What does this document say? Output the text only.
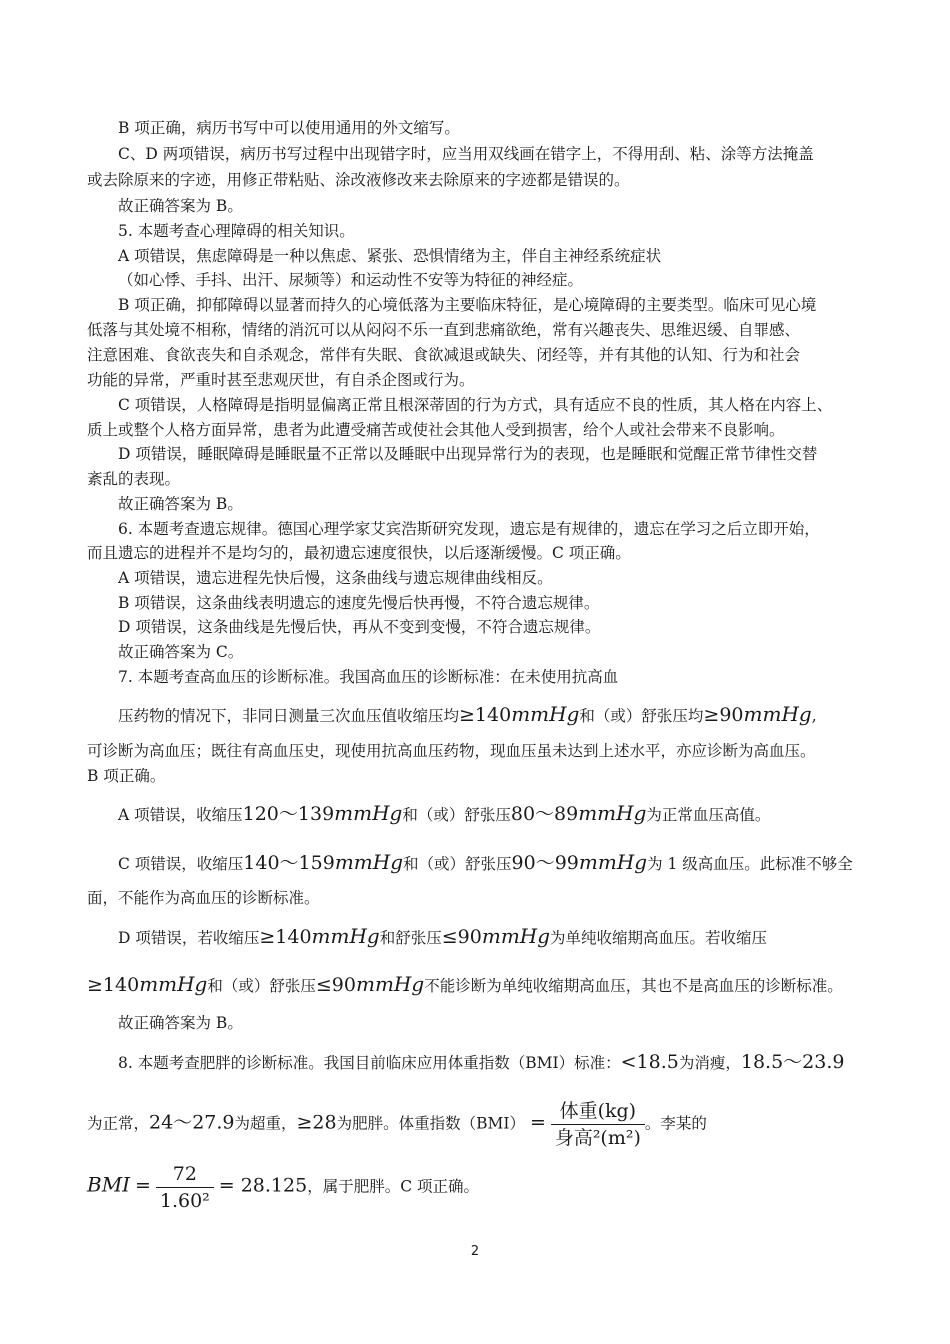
B 项正确，病历书写中可以使用通用的外文缩写。
C、D 两项错误，病历书写过程中出现错字时，应当用双线画在错字上，不得用刮、粘、涂等方法掩盖
或去除原来的字迹，用修正带粘贴、涂改液修改来去除原来的字迹都是错误的。
故正确答案为 B。
5. 本题考查心理障碍的相关知识。
A 项错误，焦虑障碍是一种以焦虑、紧张、恐惧情绪为主，伴自主神经系统症状
（如心悸、手抖、出汗、尿频等）和运动性不安等为特征的神经症。
B 项正确，抑郁障碍以显著而持久的心境低落为主要临床特征，是心境障碍的主要类型。临床可见心境
低落与其处境不相称，情绪的消沉可以从闷闷不乐一直到悲痛欲绝，常有兴趣丧失、思维迟缓、自罪感、
注意困难、食欲丧失和自杀观念，常伴有失眠、食欲减退或缺失、闭经等，并有其他的认知、行为和社会
功能的异常，严重时甚至悲观厌世，有自杀企图或行为。
C 项错误，人格障碍是指明显偏离正常且根深蒂固的行为方式，具有适应不良的性质，其人格在内容上、
质上或整个人格方面异常，患者为此遭受痛苦或使社会其他人受到损害，给个人或社会带来不良影响。
D 项错误，睡眠障碍是睡眠量不正常以及睡眠中出现异常行为的表现，也是睡眠和觉醒正常节律性交替
紊乱的表现。
故正确答案为 B。
6. 本题考查遗忘规律。德国心理学家艾宾浩斯研究发现，遗忘是有规律的，遗忘在学习之后立即开始，
而且遗忘的进程并不是均匀的，最初遗忘速度很快，以后逐渐缓慢。C 项正确。
A 项错误，遗忘进程先快后慢，这条曲线与遗忘规律曲线相反。
B 项错误，这条曲线表明遗忘的速度先慢后快再慢，不符合遗忘规律。
D 项错误，这条曲线是先慢后快，再从不变到变慢，不符合遗忘规律。
故正确答案为 C。
7. 本题考查高血压的诊断标准。我国高血压的诊断标准：在未使用抗高血
压药物的情况下，非同日测量三次血压值收缩压均≥140mmHg和（或）舒张压均≥90mmHg,
可诊断为高血压；既往有高血压史，现使用抗高血压药物，现血压虽未达到上述水平，亦应诊断为高血压。
B 项正确。
A 项错误，收缩压120～139mmHg和（或）舒张压80～89mmHg为正常血压高值。
C 项错误，收缩压140～159mmHg和（或）舒张压90～99mmHg为 1 级高血压。此标准不够全
面，不能作为高血压的诊断标准。
D 项错误，若收缩压≥140mmHg和舒张压≤90mmHg为单纯收缩期高血压。若收缩压
≥140mmHg和（或）舒张压≤90mmHg不能诊断为单纯收缩期高血压，其也不是高血压的诊断标准。
故正确答案为 B。
8. 本题考查肥胖的诊断标准。我国目前临床应用体重指数（BMI）标准：<18.5为消瘦，18.5～23.9
为正常，24～27.9为超重，≥28为肥胖。体重指数$(BMI) = \frac{\text{体重(kg)}}{\text{身高²(m²)}}$ 。李某的
BMI = $\frac{72}{\text{1.60²}} = 28.125$，属于肥胖。C 项正确。
2
